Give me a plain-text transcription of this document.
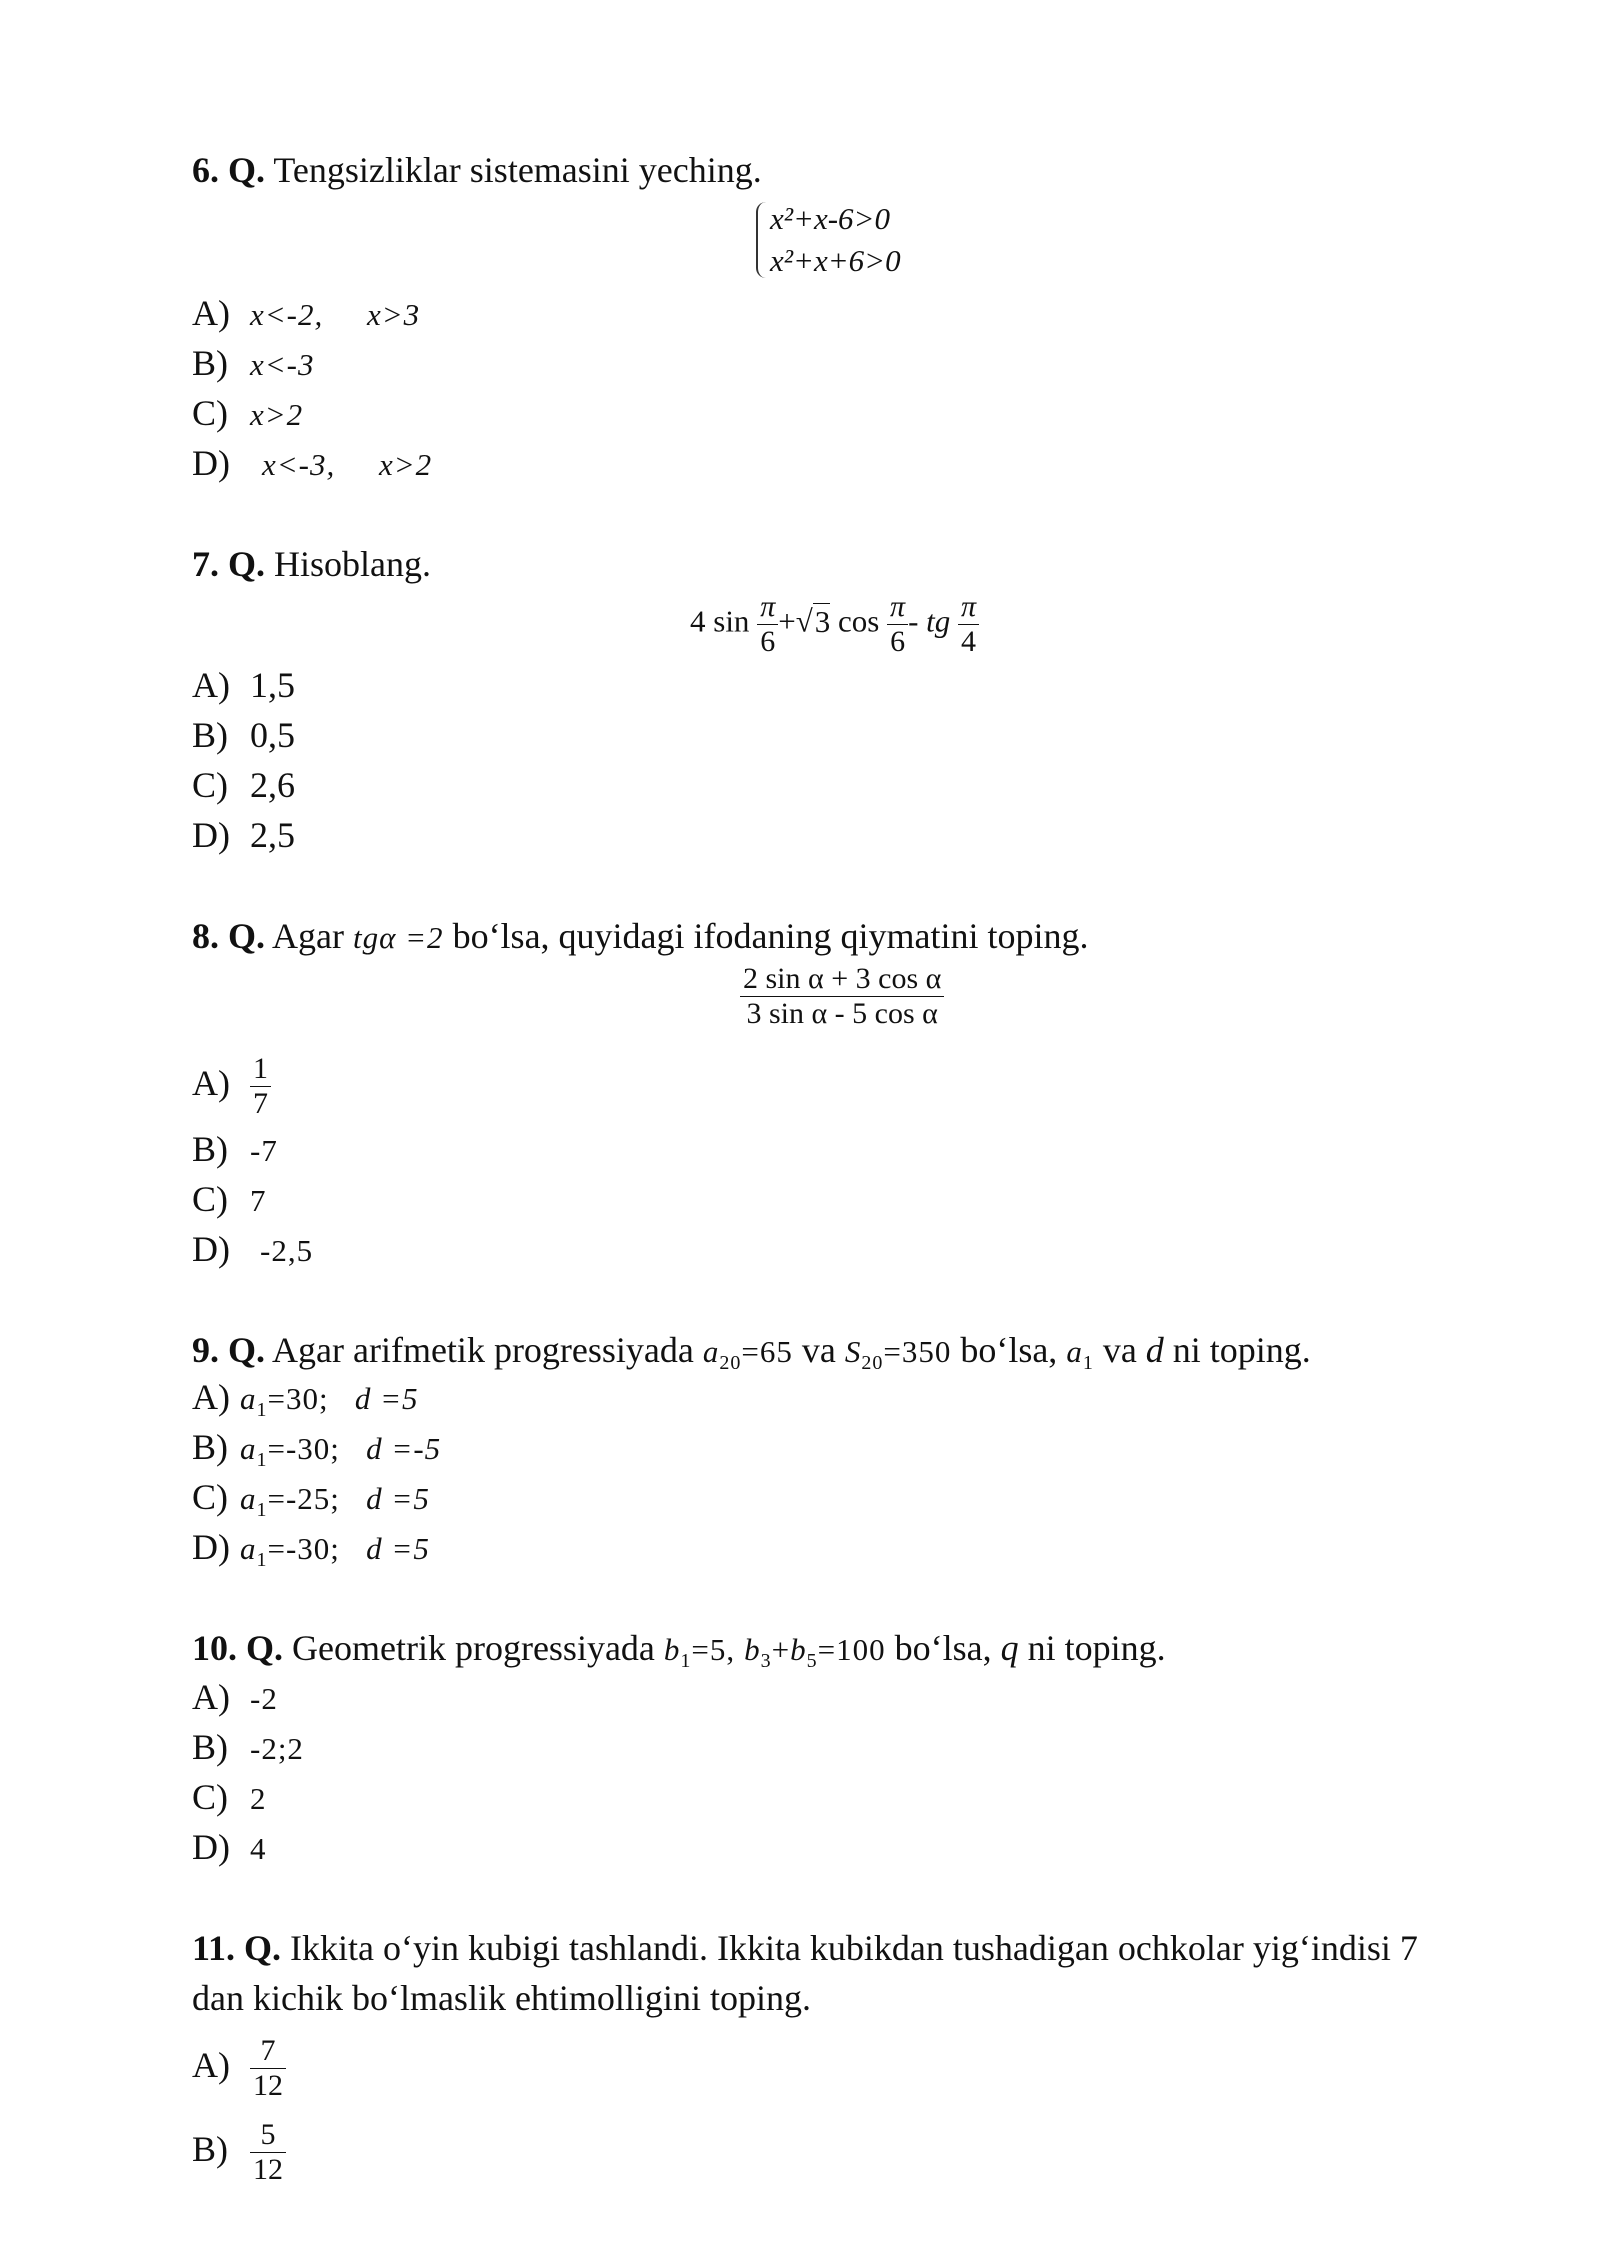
6. Q. Tengsizliklar sistemasini yeching.
x²+x-6>0
x²+x+6>0
A) x<-2,     x>3
B) x<-3
C) x>2
D) x<-3,     x>2
7. Q. Hisoblang.
4 $\sin \frac{\pi}{6} +√3$ $\cos \frac{\pi}{6}$ - tg $\frac{\pi}{4}$
A) 1,5
B) 0,5
C) 2,6
D) 2,5
8. Q. Agar tgα =2 bo‘lsa, quyidagi ifodaning qiymatini toping.
$\frac{\text{2 sin α + 3 cos α}}{\text{3 sin α - 5 cos α}}$
$A) \frac{1}{7}$
B) -7
C) 7
D) -2,5
9. Q. Agar arifmetik progressiyada $a_{20}=65$ va $S_{20}=350$ bo‘lsa, $a_1$ va d ni toping.
A) $a_1=30$; d =5
B) $a_1=-30$; d =-5
C) $a_1=-25$; d =5
D) $a_1=-30$; d =5
10. Q. Geometrik progressiyada $b_1=5$, $b_3+b_5=100$ bo‘lsa, q ni toping.
A) -2
B) -2;2
C) 2
D) 4
11. Q. Ikkita o‘yin kubigi tashlandi. Ikkita kubikdan tushadigan ochkolar yig‘indisi 7
dan kichik bo‘lmaslik ehtimolligini toping.
$A) \frac{7}{12}$
$B) \frac{5}{12}$
